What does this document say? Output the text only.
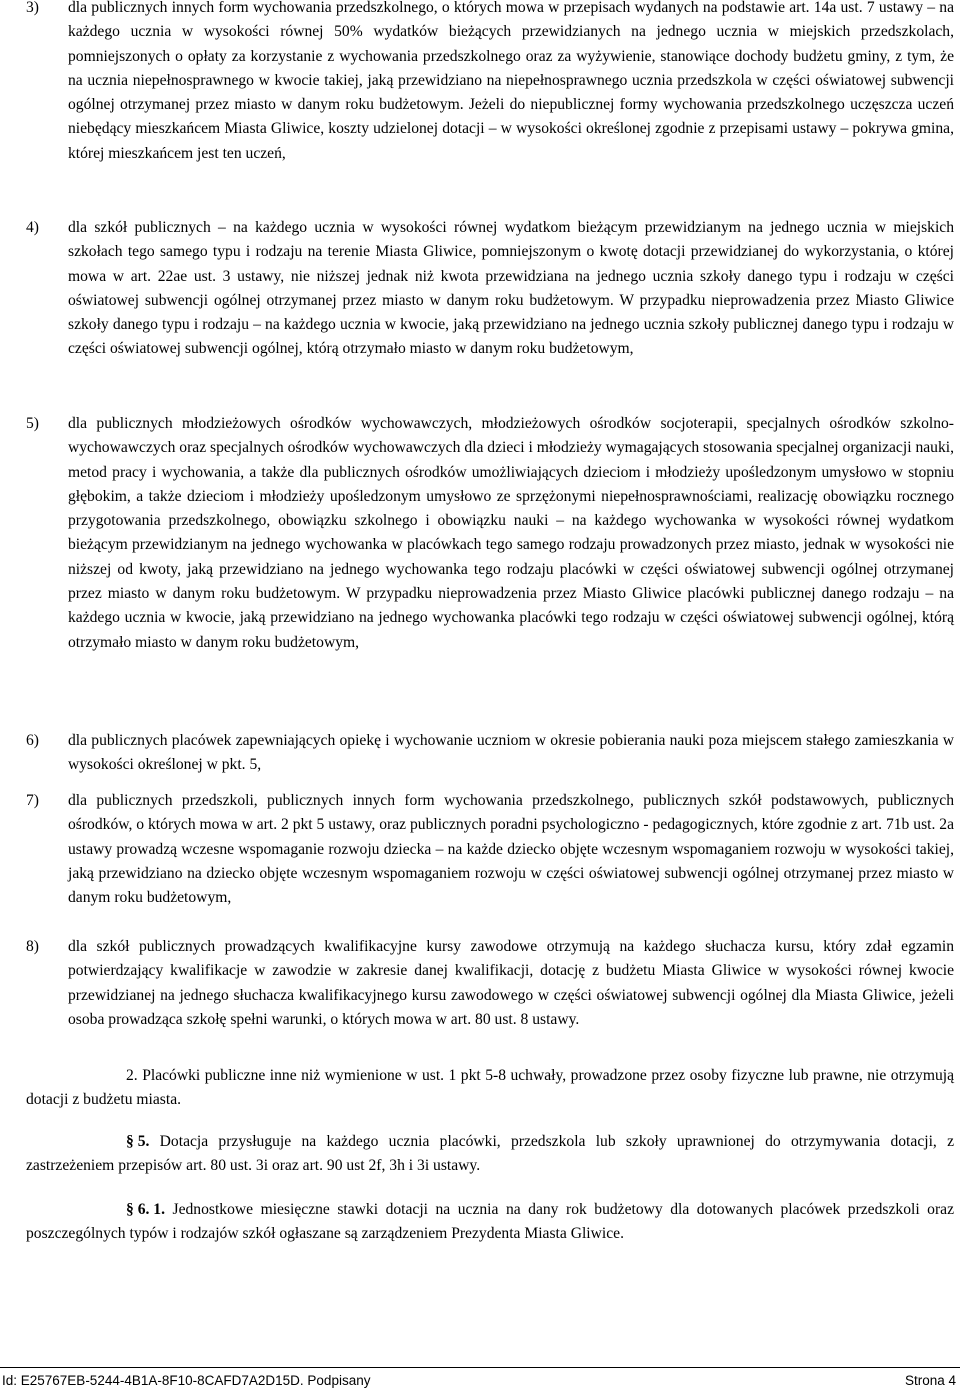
3) dla publicznych innych form wychowania przedszkolnego, o których mowa w przepisach wydanych na podstawie art. 14a ust. 7 ustawy – na każdego ucznia w wysokości równej 50% wydatków bieżących przewidzianych na jednego ucznia w miejskich przedszkolach, pomniejszonych o opłaty za korzystanie z wychowania przedszkolnego oraz za wyżywienie, stanowiące dochody budżetu gminy, z tym, że na ucznia niepełnosprawnego w kwocie takiej, jaką przewidziano na niepełnosprawnego ucznia przedszkola w części oświatowej subwencji ogólnej otrzymanej przez miasto w danym roku budżetowym. Jeżeli do niepublicznej formy wychowania przedszkolnego uczęszcza uczeń niebędący mieszkańcem Miasta Gliwice, koszty udzielonej dotacji – w wysokości określonej zgodnie z przepisami ustawy – pokrywa gmina, której mieszkańcem jest ten uczeń,
4) dla szkół publicznych – na każdego ucznia w wysokości równej wydatkom bieżącym przewidzianym na jednego ucznia w miejskich szkołach tego samego typu i rodzaju na terenie Miasta Gliwice, pomniejszonym o kwotę dotacji przewidzianej do wykorzystania, o której mowa w art. 22ae ust. 3 ustawy, nie niższej jednak niż kwota przewidziana na jednego ucznia szkoły danego typu i rodzaju w części oświatowej subwencji ogólnej otrzymanej przez miasto w danym roku budżetowym. W przypadku nieprowadzenia przez Miasto Gliwice szkoły danego typu i rodzaju – na każdego ucznia w kwocie, jaką przewidziano na jednego ucznia szkoły publicznej danego typu i rodzaju w części oświatowej subwencji ogólnej, którą otrzymało miasto w danym roku budżetowym,
5) dla publicznych młodzieżowych ośrodków wychowawczych, młodzieżowych ośrodków socjoterapii, specjalnych ośrodków szkolno-wychowawczych oraz specjalnych ośrodków wychowawczych dla dzieci i młodzieży wymagających stosowania specjalnej organizacji nauki, metod pracy i wychowania, a także dla publicznych ośrodków umożliwiających dzieciom i młodzieży upośledzonym umysłowo w stopniu głębokim, a także dzieciom i młodzieży upośledzonym umysłowo ze sprzężonymi niepełnosprawnościami, realizację obowiązku rocznego przygotowania przedszkolnego, obowiązku szkolnego i obowiązku nauki – na każdego wychowanka w wysokości równej wydatkom bieżącym przewidzianym na jednego wychowanka w placówkach tego samego rodzaju prowadzonych przez miasto, jednak w wysokości nie niższej od kwoty, jaką przewidziano na jednego wychowanka tego rodzaju placówki w części oświatowej subwencji ogólnej otrzymanej przez miasto w danym roku budżetowym. W przypadku nieprowadzenia przez Miasto Gliwice placówki publicznej danego rodzaju – na każdego ucznia w kwocie, jaką przewidziano na jednego wychowanka placówki tego rodzaju w części oświatowej subwencji ogólnej, którą otrzymało miasto w danym roku budżetowym,
6) dla publicznych placówek zapewniających opiekę i wychowanie uczniom w okresie pobierania nauki poza miejscem stałego zamieszkania w wysokości określonej w pkt. 5,
7) dla publicznych przedszkoli, publicznych innych form wychowania przedszkolnego, publicznych szkół podstawowych, publicznych ośrodków, o których mowa w art. 2 pkt 5 ustawy, oraz publicznych poradni psychologiczno - pedagogicznych, które zgodnie z art. 71b ust. 2a ustawy prowadzą wczesne wspomaganie rozwoju dziecka – na każde dziecko objęte wczesnym wspomaganiem rozwoju w wysokości takiej, jaką przewidziano na dziecko objęte wczesnym wspomaganiem rozwoju w części oświatowej subwencji ogólnej otrzymanej przez miasto w danym roku budżetowym,
8) dla szkół publicznych prowadzących kwalifikacyjne kursy zawodowe otrzymują na każdego słuchacza kursu, który zdał egzamin potwierdzający kwalifikacje w zawodzie w zakresie danej kwalifikacji, dotację z budżetu Miasta Gliwice w wysokości równej kwocie przewidzianej na jednego słuchacza kwalifikacyjnego kursu zawodowego w części oświatowej subwencji ogólnej dla Miasta Gliwice, jeżeli osoba prowadząca szkołę spełni warunki, o których mowa w art. 80 ust. 8 ustawy.

2. Placówki publiczne inne niż wymienione w ust. 1 pkt 5-8 uchwały, prowadzone przez osoby fizyczne lub prawne, nie otrzymują dotacji z budżetu miasta.

§ 5. Dotacja przysługuje na każdego ucznia placówki, przedszkola lub szkoły uprawnionej do otrzymywania dotacji, z zastrzeżeniem przepisów art. 80 ust. 3i oraz art. 90 ust 2f, 3h i 3i ustawy.

§ 6. 1. Jednostkowe miesięczne stawki dotacji na ucznia na dany rok budżetowy dla dotowanych placówek przedszkoli oraz poszczególnych typów i rodzajów szkół ogłaszane są zarządzeniem Prezydenta Miasta Gliwice.

Id: E25767EB-5244-4B1A-8F10-8CAFD7A2D15D. Podpisany	Strona 4
